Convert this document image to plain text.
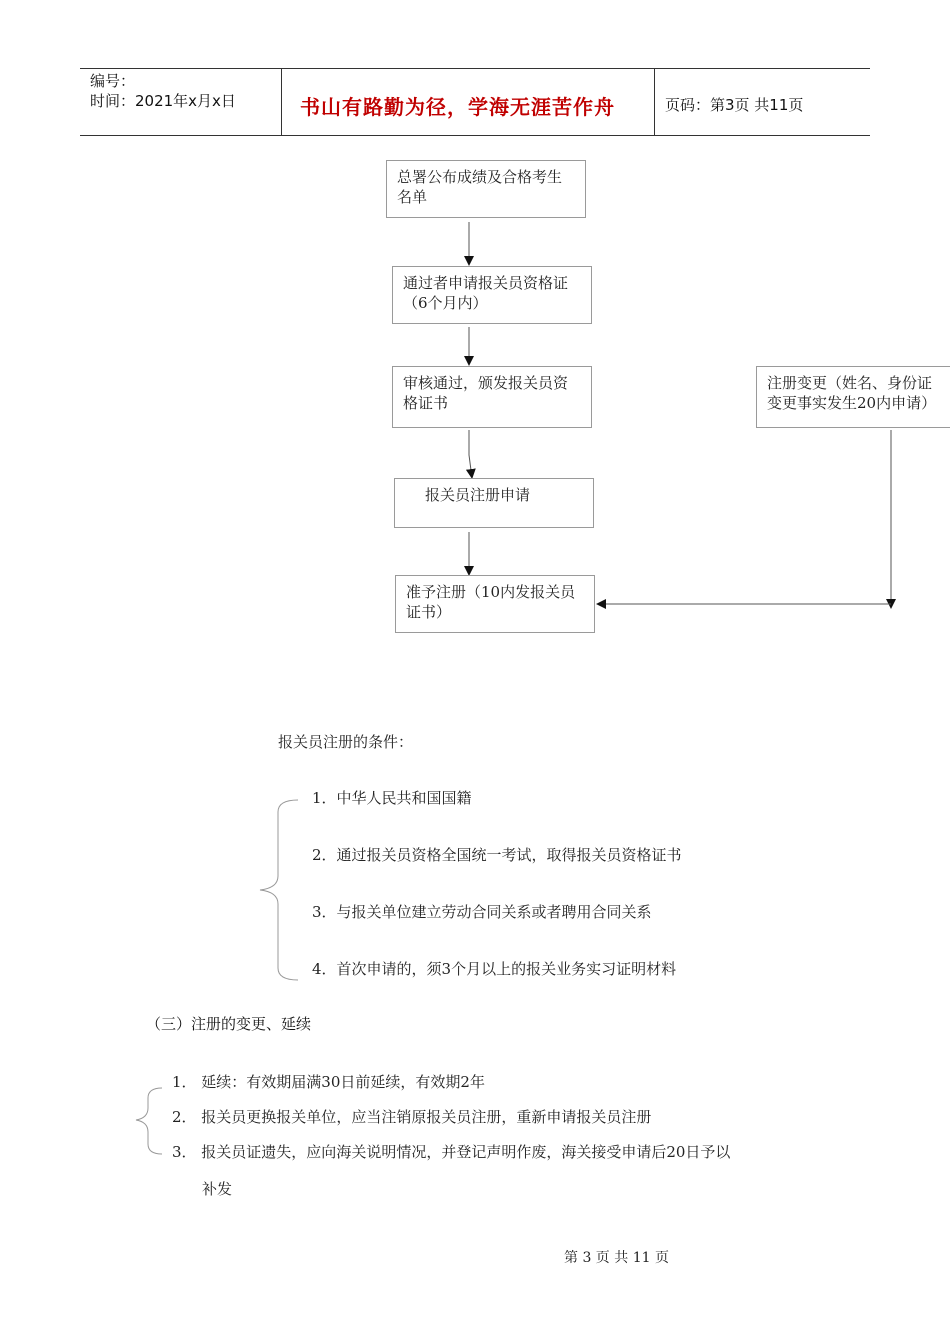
编号：
时间：2021年x月x日	书山有路勤为径，学海无涯苦作舟	页码：第3页 共11页
总署公布成绩及合格考生名单
通过者申请报关员资格证（6个月内）
审核通过，颁发报关员资格证书
报关员注册申请
准予注册（10内发报关员证书）
注册变更（姓名、身份证变更事实发生20内申请）
报关员注册的条件：
1．中华人民共和国国籍
2．通过报关员资格全国统一考试，取得报关员资格证书
3．与报关单位建立劳动合同关系或者聘用合同关系
4．首次申请的，须3个月以上的报关业务实习证明材料
（三）注册的变更、延续
1． 延续：有效期届满30日前延续，有效期2年
2． 报关员更换报关单位，应当注销原报关员注册，重新申请报关员注册
3． 报关员证遗失，应向海关说明情况，并登记声明作废，海关接受申请后20日予以
补发
第 3 页 共 11 页
